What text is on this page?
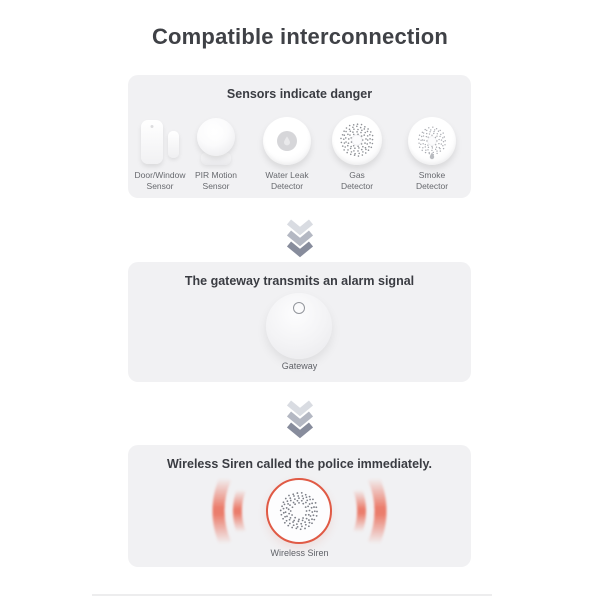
Compatible interconnection
Sensors indicate danger
Door/Window
Sensor
PIR Motion
Sensor
Water Leak
Detector
Gas
Detector
Smoke
Detector
The gateway transmits an alarm signal
Gateway
Wireless Siren called the police immediately.
Wireless Siren
